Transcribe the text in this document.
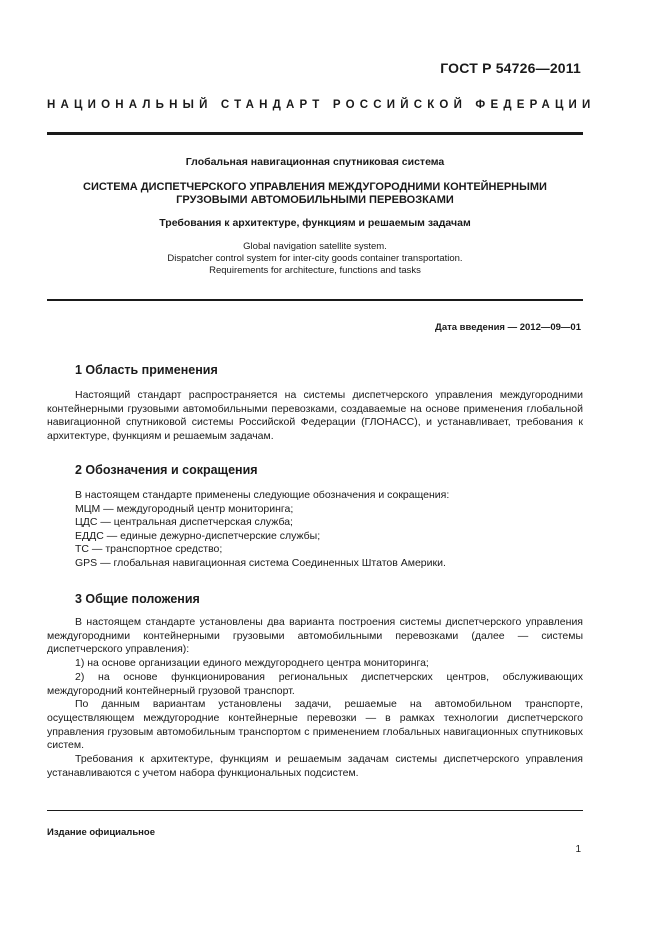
ГОСТ Р 54726—2011
НАЦИОНАЛЬНЫЙ СТАНДАРТ РОССИЙСКОЙ ФЕДЕРАЦИИ
Глобальная навигационная спутниковая система
СИСТЕМА ДИСПЕТЧЕРСКОГО УПРАВЛЕНИЯ МЕЖДУГОРОДНИМИ КОНТЕЙНЕРНЫМИ
ГРУЗОВЫМИ АВТОМОБИЛЬНЫМИ ПЕРЕВОЗКАМИ
Требования к архитектуре, функциям и решаемым задачам
Global navigation satellite system.
Dispatcher control system for inter-city goods container transportation.
Requirements for architecture, functions and tasks
Дата введения — 2012—09—01
1 Область применения

Настоящий стандарт распространяется на системы диспетчерского управления междугородними контейнерными грузовыми автомобильными перевозками, создаваемые на основе применения глобальной навигационной спутниковой системы Российской Федерации (ГЛОНАСС), и устанавливает, требования к архитектуре, функциям и решаемым задачам.

2 Обозначения и сокращения
В настоящем стандарте применены следующие обозначения и сокращения:
МЦМ — междугородный центр мониторинга;
ЦДС — центральная диспетчерская служба;
ЕДДС — единые дежурно-диспетчерские службы;
ТС — транспортное средство;
GPS — глобальная навигационная система Соединенных Штатов Америки.
3 Общие положения

В настоящем стандарте установлены два варианта построения системы диспетчерского управления междугородними контейнерными грузовыми автомобильными перевозками (далее — системы диспетчерского управления):

1) на основе организации единого междугороднего центра мониторинга;

2) на основе функционирования региональных диспетчерских центров, обслуживающих междугородний контейнерный грузовой транспорт.

По данным вариантам установлены задачи, решаемые на автомобильном транспорте, осуществляющем междугородние контейнерные перевозки — в рамках технологии диспетчерского управления грузовым автомобильным транспортом с применением глобальных навигационных спутниковых систем.

Требования к архитектуре, функциям и решаемым задачам системы диспетчерского управления устанавливаются с учетом набора функциональных подсистем.

Издание официальное
1
